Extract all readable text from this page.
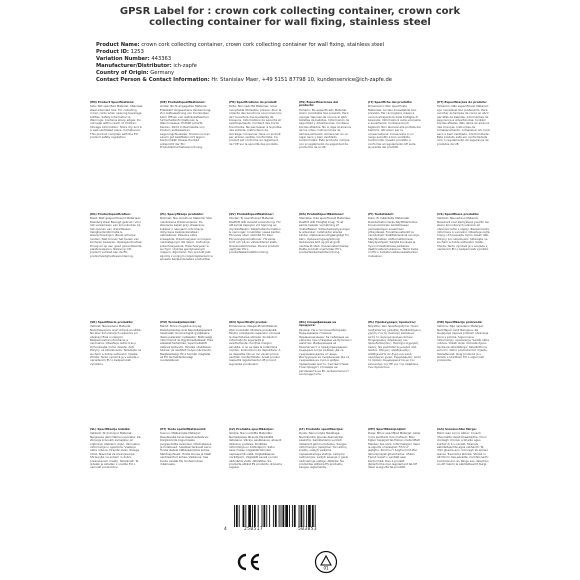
GPSR Label for : crown cork collecting container, crown cork
collecting container for wall fixing, stainless steel
Product Name: crown cork collecting container, crown cork collecting container for wall fixing, stainless steel
Product ID: 1253
Variation Number: 443363
Manufacturer/Distributor: ich-zapfe
Country of Origin: Germany
Contact Person & Contact Information: Hr. Stanislav Maer, +49 5151 87798 10, kundenservice@ich-zapfe.de
(EN) Product Specifications:
Size: Not specified Material: Stainless steel Intended Use: For collecting crown corks when opening beverage bottles. Safety Information & Warnings: Contains sharp edges. Do not keep within reach of children. Storage Information: Store dry and in a well-ventilated place. Compliance: This product complies with the EU product safety regulation.
(DE) Produktspezifikationen:
Größe: Nicht angegeben Material: Edelstahl Vorgesehene Verwendung: Zur Aufbewahrung von Kronkorken beim Öffnen von Getränkeflaschen. Sicherheitsinformationen & Warnhinweise: Enthält scharfe Kanten. Nicht in Reichweite von Kindern aufbewahren. Lagerungshinweise: Trocken und an einem gut belüfteten Ort lagern. Konformität: Dieses Produkt entspricht der EU-Produktsicherheitsverordnung.
(FR) Spécifications du produit:
Taille: Non spécifié Matériau: Acier inoxydable Utilisation prévue: Pour la collecte des bouchons couronnes lors de l'ouverture des bouteilles de boissons. Informations de sécurité et avertissements: Contient des bords tranchants. Ne pas laisser à la portée des enfants. Instructions de stockage: Conserver dans un endroit sec et bien ventilé. Conformité: Ce produit est conforme au règlement de l'UE sur la sécurité des produits.
(ES) Especificaciones del producto:
Tamaño: No especificado Material: Acero inoxidable Uso previsto: Para recoger tapones de corona al abrir botellas de bebidas. Información de seguridad y advertencias: Contiene bordes afilados. No lo deje al alcance de los niños. Instrucciones de almacenamiento: Almacenar en un lugar seco y bien ventilado. Conformidad: Este producto cumple con el reglamento de seguridad de productos de la UE.
(IT) Specifiche del prodotto:
Dimensioni: Non specificato Materiale: Acciaio inossidabile Uso previsto: Per raccogliere i tappi a corona all'apertura delle bottiglie di bevande. Informazioni sulla sicurezza e avvertenze: Contiene bordi taglienti. Non lasciare alla portata dei bambini. Istruzioni per la conservazione: Conservare in un luogo asciutto e ben ventilato. Conformità: Questo prodotto è conforme al regolamento UE sulla sicurezza dei prodotti.
(PT) Especificações do produto:
Tamanho: Não especificado Material: Aço inoxidável Uso pretendido: Para recolher as tampas de coroa ao abrir garrafas de bebidas. Informações de segurança e advertências: Contém bordas afiadas. Não deixe ao alcance das crianças. Instruções de armazenamento: Armazenar em local seco e bem ventilado. Conformidade: Este produto está em conformidade com o regulamento de segurança de produtos da UE.
(NL) Productspecificaties:
Maat: Niet gespecificeerd Materiaal: Roestvrij staal Beoogd gebruik: Voor het verzamelen van kroonkurken bij het openen van drankflessen. Veiligheidsinformatie & waarschuwingen: Bevat scherpe randen. Niet binnen het bereik van kinderen bewaren. Opslaginstructies: Droog en op een goed geventileerde plaats bewaren. Naleving: Dit product voldoet aan de EU-productveiligheidsverordening.
(PL) Specyfikacje produktu:
Rozmiar: Nie określono Materiał: Stal nierdzewna Przeznaczenie: Do zbierania kapsli przy otwieraniu butelek z napojami. Informacje dotyczące bezpieczeństwa i ostrzeżenia: Zawiera ostre krawędzie. Przechowywać w miejscu niedostępnym dla dzieci. Instrukcje przechowywania: Przechowywać w suchym i dobrze wentylowanym miejscu. Zgodność: Ten produkt jest zgodny z unijnym rozporządzeniem w sprawie bezpieczeństwa produktów.
(SV) Produktspecifikationer:
Storlek: Ej specificerad Material: Rostfritt stål Avsedd användning: För att samla kapsyler vid öppning av dryckesflaskor. Säkerhetsinformation & varningar: Innehåller vassa kanter. Förvaras utom räckhåll för barn. Förvaringsinstruktioner: Förvaras torrt och på en välventilerad plats. Överensstämmelse: Denna produkt uppfyller EU:s produktsäkerhetsförordning.
(DA) Produktspecifikationer:
Størrelse: Ikke specificeret Materiale: Rustfrit stål Tilsigtet brug: Til at samle kapsler ved åbning af drikkeflasker. Sikkerhedsoplysninger & advarsler: Indeholder skarpe kanter. Opbevares utilgængeligt for børn. Opbevaringsvejledning: Opbevares tørt og på et godt ventileret sted. Overensstemmelse: Dette produkt overholder EU's produktsikkerhedsforordning.
(FI) Tuotetiedot:
Koko: Ei määritelty Materiaali: Ruostumaton teräs Käyttötarkoitus: Kruunukorkkien keräämiseen juomapullojen avaamisen yhteydessä. Turvallisuustiedot ja varoitukset: Sisältää teräviä reunoja. Säilytä lasten ulottumattomissa. Säilytysohjeet: Säilytä kuivassa ja hyvin ilmastoidussa paikassa. Vaatimustenmukaisuus: Tämä tuote on EU:n tuoteturvallisuusasetuksen mukainen.
(CS) Specifikace produktu:
Velikost: Neuvedeno Materiál: Nerezová ocel Zamýšlené použití: Ke sběru korunkových uzávěrů při otevírání lahví s nápoji. Bezpečnostní informace a varování: Obsahuje ostré hrany. Uchovávejte mimo dosah dětí. Pokyny pro skladování: Skladujte na suchém a dobře větraném místě. Shoda: Tento výrobek je v souladu s nařízením EU o bezpečnosti výrobků.
(SK) Špecifikácie produktu:
Veľkosť: Neuvedené Materiál: Nehrdzavejúca oceľ Určené použitie: Na zber korunkových uzáverov pri otváraní fliaš s nápojmi. Bezpečnostné informácie a varovania: Obsahuje ostré hrany. Uchovávajte mimo dosahu detí. Pokyny na skladovanie: Skladujte na suchom a dobre vetranom mieste. Zhoda: Tento výrobok je v súlade s nariadením EÚ o bezpečnosti výrobkov.
(HU) Termékjellemzők:
Méret: Nincs megadva Anyag: Rozsdamentes acél Rendeltetésszerű használat: Koronadugók gyűjtésére italos palackok nyitásakor. Biztonsági információk és figyelmeztetések: Éles széleket tartalmaz. Gyermekektől elzárva tartandó. Tárolási utasítások: Száraz, jól szellőző helyen tárolandó. Megfelelőség: Ez a termék megfelel az EU termékbiztonsági rendeletének.
(RO) Specificații produs:
Dimensiune: Nespecificat Material: Oțel inoxidabil Utilizare prevăzută: Pentru colectarea capacelor coroană la deschiderea sticlelor de băuturi. Informații de siguranță și avertismente: Conține margini ascuțite. A nu se lăsa la îndemâna copiilor. Instrucțiuni de depozitare: A se depozita într-un loc uscat și bine ventilat. Conformitate: Acest produs respectă regulamentul UE privind siguranța produselor.
(BG) Спецификации на продукта:
Размер: Не е посочен Материал: Неръждаема стомана Предназначение: За събиране на капачки при отваряне на бутилки с напитки. Информация за безопасност и предупреждения: Съдържа остри ръбове. Да се съхранява далеч от деца. Инструкции за съхранение: Да се съхранява на сухо и добре проветриво място. Съответствие: Този продукт отговаря на регламента на ЕС за безопасност на продуктите.
(EL) Προδιαγραφές προϊόντος:
Μέγεθος: Δεν προσδιορίζεται Υλικό: Ανοξείδωτος χάλυβας Προβλεπόμενη χρήση: Για τη συλλογή καπακιών κατά το άνοιγμα φιαλών ποτών. Πληροφορίες ασφαλείας και προειδοποιήσεις: Περιέχει αιχμηρές άκρες. Να φυλάσσεται μακριά από παιδιά. Οδηγίες αποθήκευσης: Αποθηκεύστε σε ξηρό και καλά αεριζόμενο χώρο. Συμμόρφωση: Αυτό το προϊόν συμμορφώνεται με τον κανονισμό της ΕΕ για την ασφάλεια των προϊόντων.
(HR) Specifikacije proizvoda:
Veličina: Nije navedeno Materijal: Nehrđajući čelik Namjena: Za skupljanje čepova prilikom otvaranja boca s pićima. Sigurnosne informacije i upozorenja: Sadrži oštre rubove. Držati izvan dohvata djece. Upute za skladištenje: Skladištiti na suhom i dobro prozračenom mjestu. Usklađenost: Ovaj proizvod je u skladu s Uredbom EU o sigurnosti proizvoda.
(SL) Specifikacije izdelka:
Velikost: Ni določeno Material: Nerjaveče jeklo Namen uporabe: Za zbiranje kronskih zamaškov pri odpiranju steklenic pijač. Varnostne informacije in opozorila: Vsebuje ostre robove. Hranite izven dosega otrok. Navodila za shranjevanje: Shranjujte na suhem in dobro prezračenem mestu. Skladnost: Ta izdelek je skladen z uredbo EU o varnosti proizvodov.
(ET) Toote spetsifikatsioonid:
Suurus: Määramata Materjal: Roostevaba teras Kasutusotstarve: Korgikorkide kogumiseks joogipudelite avamisel. Ohutusteave ja hoiatused: Sisaldab teravaid servi. Hoida lastele kättesaamatus kohas. Säilitusjuhised: Hoida kuivas ja hästi ventileeritud kohas. Vastavus: See toode vastab ELi tooteohutuse määrusele.
(LV) Produkta specifikācijas:
Izmērs: Nav norādīts Materiāls: Nerūsējošais tērauds Paredzētā lietošana: Vāciņu savākšanai, atverot dzērienu pudeles. Drošības informācija un brīdinājumi: Satur asas malas. Uzglabāt bērniem nepieejamā vietā. Uzglabāšanas norādījumi: Uzglabāt sausā un labi vēdināmā vietā. Atbilstība: Šis produkts atbilst ES produktu drošuma regulai.
(LT) Produkto specifikacijos:
Dydis: Nenurodyta Medžiaga: Nerūdijantis plienas Numatytoji paskirtis: Kamšteliams surinkti atidarant gėrimų butelius. Saugos informacija ir įspėjimai: Turi aštrių kraštų. Laikyti vaikams nepasiekiamoje vietoje. Laikymo instrukcijos: Laikyti sausoje ir gerai vėdinamoje vietoje. Atitiktis: Šis produktas atitinka ES produktų saugos reglamentą.
(MT) Speċifikazzjonijiet:
Daqs: Mhux speċifikat Materjal: Azzar li ma jsaddadx Użu maħsub: Biex tiġbor tappijiet tal-flixkun meta tiftaħ fliexken tax-xorb. Informazzjoni dwar is-sigurtà u twissijiet: Fih truf jaqtgħu. Żommu 'l bogħod mit-tfal. Istruzzjonijiet għall-ħażna: Aħżen f'post niexef u ventilat sew. Konformità: Dan il-prodott jikkonforma mar-regolament tal-UE dwar is-sigurtà tal-prodotti.
(GA) Sonraíochtaí Táirge:
Méid: Gan sonrú Ábhar: Cruach dhosmálta Úsáid bheartaithe: Chun clúdaigh choróin a bhailiú agus buidéil dí á n-oscailt. Faisnéis sábháilteachta agus rabhaidh: Tá imill ghéara ann. Coinnigh as aimsiú leanaí. Treoracha stórála: Stóráil in áit thirim dea-aeráilte. Comhlíonadh: Comhlíonann an táirge seo rialachán an AE maidir le sábháilteacht táirgí.
4	250517	503853
01
